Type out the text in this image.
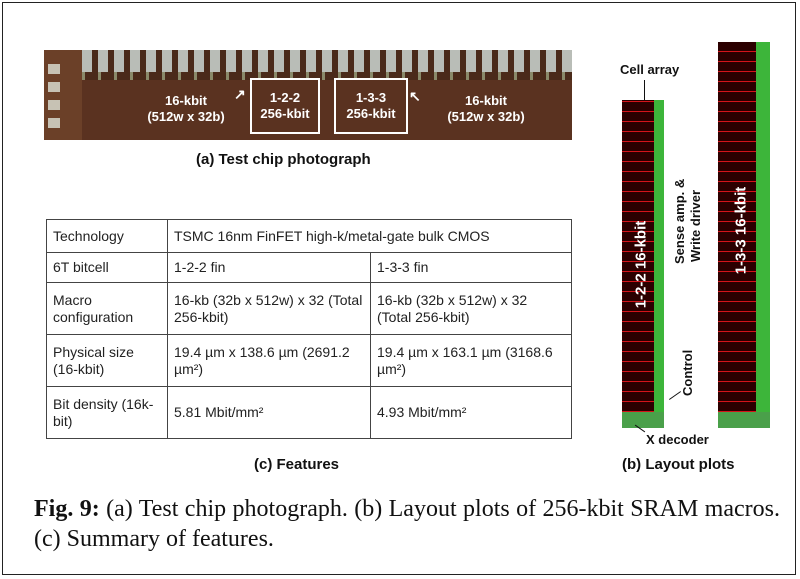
1-2-2
256-kbit
1-3-3
256-kbit
16-kbit
(512w x 32b)
↗	16-kbit
(512w x 32b)
↖
(a) Test chip photograph
Technology	TSMC 16nm FinFET high-k/metal-gate bulk CMOS	
6T bitcell	1-2-2 fin	1-3-3 fin
Macro configuration	16-kb (32b x 512w) x 32 (Total 256-kbit)	16-kb (32b x 512w) x 32 (Total 256-kbit)
Physical size (16-kbit)	19.4 µm x 138.6 µm (2691.2 µm²)	19.4 µm x 163.1 µm (3168.6 µm²)
Bit density (16k-bit)	5.81 Mbit/mm²	4.93 Mbit/mm²
(c) Features
Cell array
1-2-2 16-kbit	1-3-3 16-kbit
Sense amp. & Write driver
Control
X decoder
(b) Layout plots
Fig. 9: (a) Test chip photograph. (b) Layout plots of 256-kbit SRAM macros. (c) Summary of features.
